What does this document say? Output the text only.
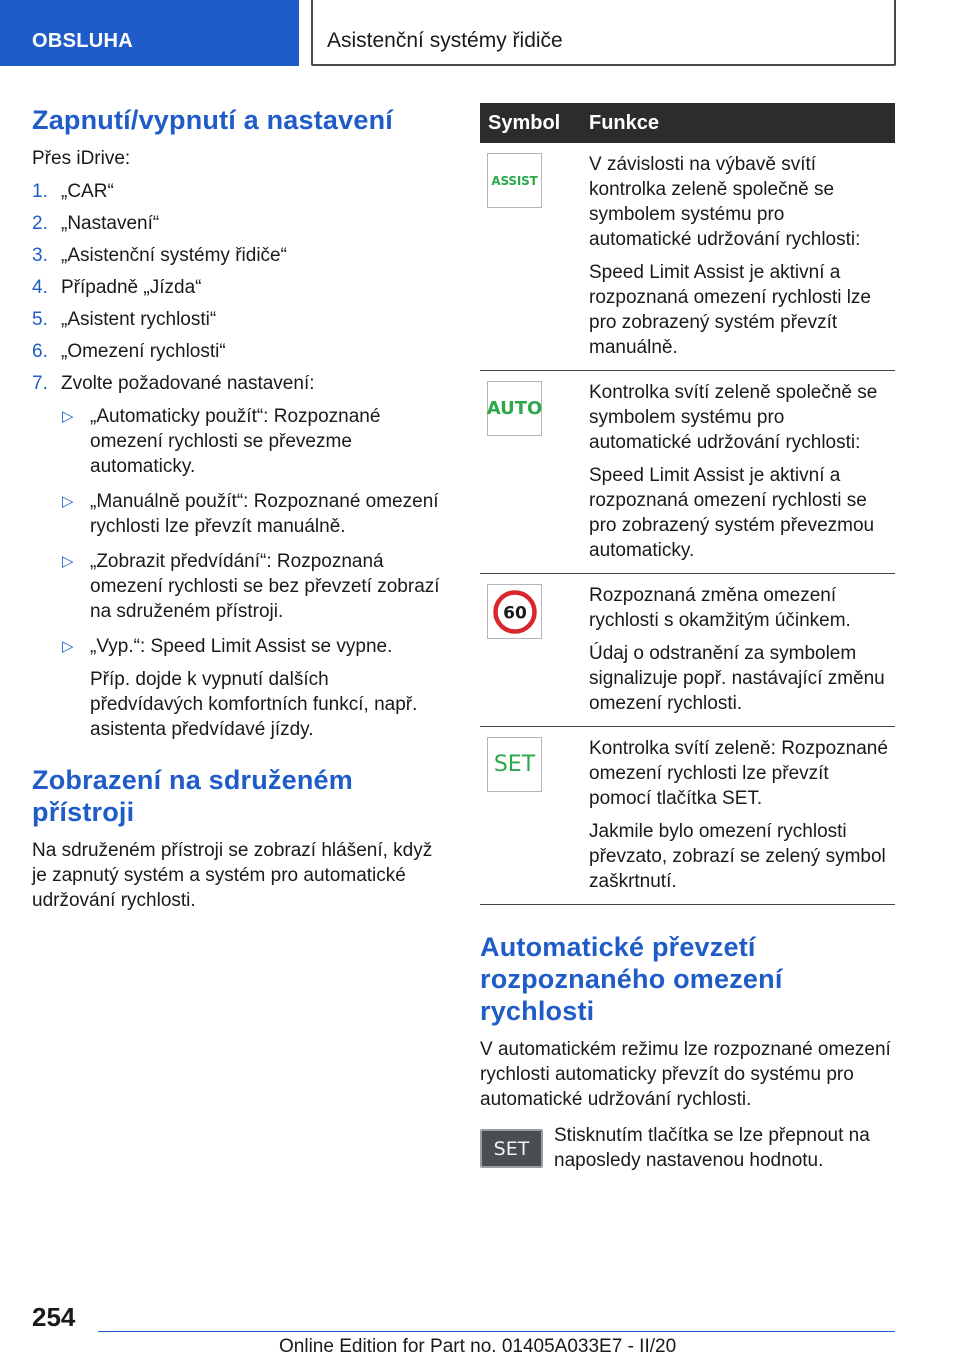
OBSLUHA	Asistenční systémy řidiče
Zapnutí/vypnutí a nastavení
Přes iDrive:
1. „CAR“
2. „Nastavení“
3. „Asistenční systémy řidiče“
4. Případně „Jízda“
5. „Asistent rychlosti“
6. „Omezení rychlosti“
7. Zvolte požadované nastavení:
▷ „Automaticky použít“: Rozpoznané omezení rychlosti se převezme automaticky.
▷ „Manuálně použít“: Rozpoznané omezení rychlosti lze převzít manuálně.
▷ „Zobrazit předvídání“: Rozpoznaná omezení rychlosti se bez převzetí zobrazí na sdruženém přístroji.
▷ „Vyp.“: Speed Limit Assist se vypne.
Příp. dojde k vypnutí dalších předvídavých komfortních funkcí, např. asistenta předvídavé jízdy.
Zobrazení na sdruženém přístroji
Na sdruženém přístroji se zobrazí hlášení, když je zapnutý systém a systém pro automatické udržování rychlosti.
Symbol	Funkce

ASSIST	V závislosti na výbavě svítí kontrolka zeleně společně se symbolem systému pro automatické udržování rychlosti:
Speed Limit Assist je aktivní a rozpoznaná omezení rychlosti lze pro zobrazený systém převzít manuálně.

AUTO	Kontrolka svítí zeleně společně se symbolem systému pro automatické udržování rychlosti:
Speed Limit Assist je aktivní a rozpoznaná omezení rychlosti se pro zobrazený systém převezmou automaticky.

60	Rozpoznaná změna omezení rychlosti s okamžitým účinkem.
Údaj o odstranění za symbolem signalizuje popř. nastávající změnu omezení rychlosti.

SET	Kontrolka svítí zeleně: Rozpoznané omezení rychlosti lze převzít pomocí tlačítka SET.
Jakmile bylo omezení rychlosti převzato, zobrazí se zelený symbol zaškrtnutí.
Automatické převzetí rozpoznaného omezení rychlosti
V automatickém režimu lze rozpoznané omezení rychlosti automaticky převzít do systému pro automatické udržování rychlosti.
SET
Stisknutím tlačítka se lze přepnout na naposledy nastavenou hodnotu.
254
Online Edition for Part no. 01405A033E7 - II/20
